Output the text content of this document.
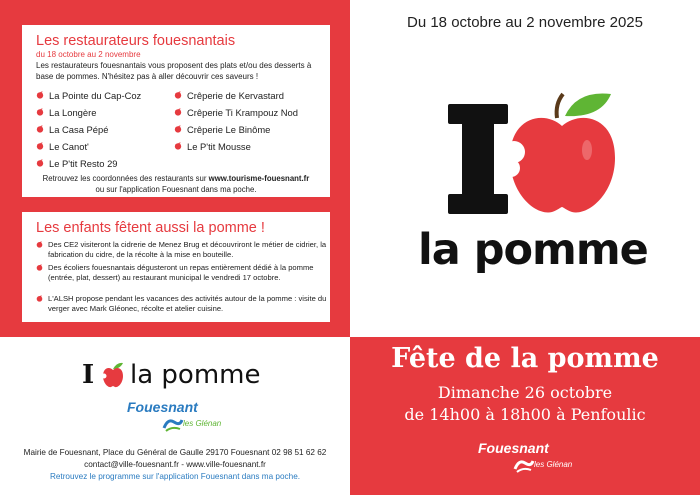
Les restaurateurs fouesnantais
du 18 octobre au 2 novembre
Les restaurateurs fouesnantais vous proposent des plats et/ou des desserts à base de pommes. N'hésitez pas à aller découvrir ces saveurs !
La Pointe du Cap-Coz
La Longère
La Casa Pépé
Le Canot'
Le P'tit Resto 29
Crêperie de Kervastard
Crêperie Ti Krampouz Nod
Crêperie Le Binôme
Le P'tit Mousse
Retrouvez les coordonnées des restaurants sur www.tourisme-fouesnant.fr
ou sur l'application Fouesnant dans ma poche.
Les enfants fêtent aussi la pomme !
Des CE2 visiteront la cidrerie de Menez Brug et découvriront le métier de cidrier, la fabrication du cidre, de la récolte à la mise en bouteille.
Des écoliers fouesnantais dégusteront un repas entièrement dédié à la pomme (entrée, plat, dessert) au restaurant municipal le vendredi 17 octobre.
L'ALSH propose pendant les vacances des activités autour de la pomme : visite du verger avec Mark Gléonec, récolte et atelier cuisine.
Du 18 octobre au 2 novembre 2025
la pomme
I la pomme
Fouesnant
les Glénan
Mairie de Fouesnant, Place du Général de Gaulle 29170 Fouesnant 02 98 51 62 62
contact@ville-fouesnant.fr - www.ville-fouesnant.fr
Retrouvez le programme sur l'application Fouesnant dans ma poche.
Fête de la pomme
Dimanche 26 octobre
de 14h00 à 18h00 à Penfoulic
Fouesnant
les Glénan
